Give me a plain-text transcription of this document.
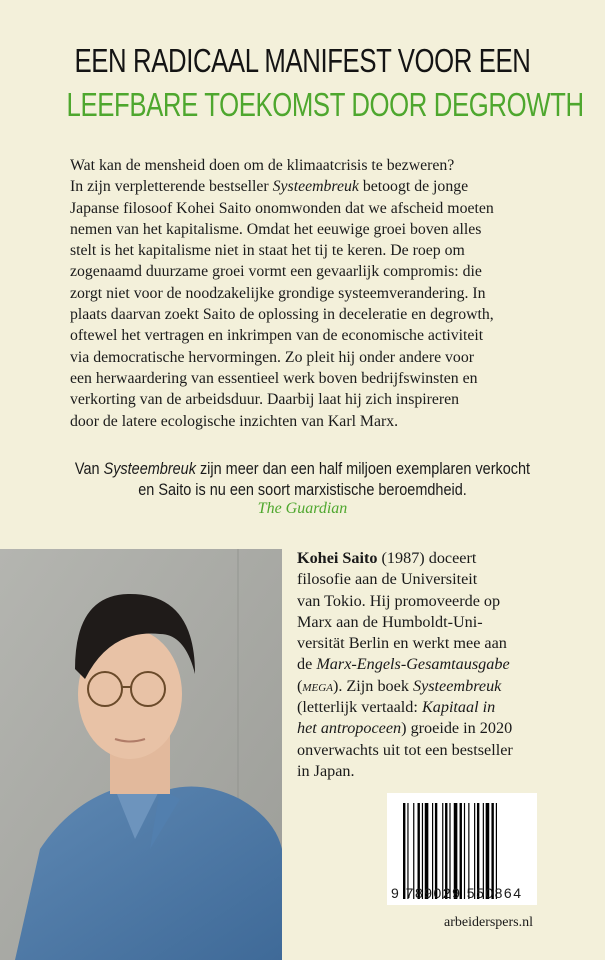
EEN RADICAAL MANIFEST VOOR EEN
LEEFBARE TOEKOMST DOOR DEGROWTH

Wat kan de mensheid doen om de klimaatcrisis te bezweren?

In zijn verpletterende bestseller Systeembreuk betoogt de jonge

Japanse filosoof Kohei Saito onomwonden dat we afscheid moeten

nemen van het kapitalisme. Omdat het eeuwige groei boven alles

stelt is het kapitalisme niet in staat het tij te keren. De roep om

zogenaamd duurzame groei vormt een gevaarlijk compromis: die

zorgt niet voor de noodzakelijke grondige systeemverandering. In

plaats daarvan zoekt Saito de oplossing in deceleratie en degrowth,

oftewel het vertragen en inkrimpen van de economische activiteit

via democratische hervormingen. Zo pleit hij onder andere voor

een herwaardering van essentieel werk boven bedrijfswinsten en

verkorting van de arbeidsduur. Daarbij laat hij zich inspireren

door de latere ecologische inzichten van Karl Marx.

Van Systeembreuk zijn meer dan een half miljoen exemplaren verkocht

en Saito is nu een soort marxistische beroemdheid.

The Guardian

Kohei Saito (1987) doceert

filosofie aan de Universiteit

van Tokio. Hij promoveerde op

Marx aan de Humboldt-Uni-

versität Berlin en werkt mee aan

de Marx-Engels-Gesamtausgabe

(mega). Zijn boek Systeembreuk

(letterlijk vertaald: Kapitaal in

het antropoceen) groeide in 2020

onverwachts uit tot een bestseller

in Japan.

9 789029 550864
arbeiderspers.nl
